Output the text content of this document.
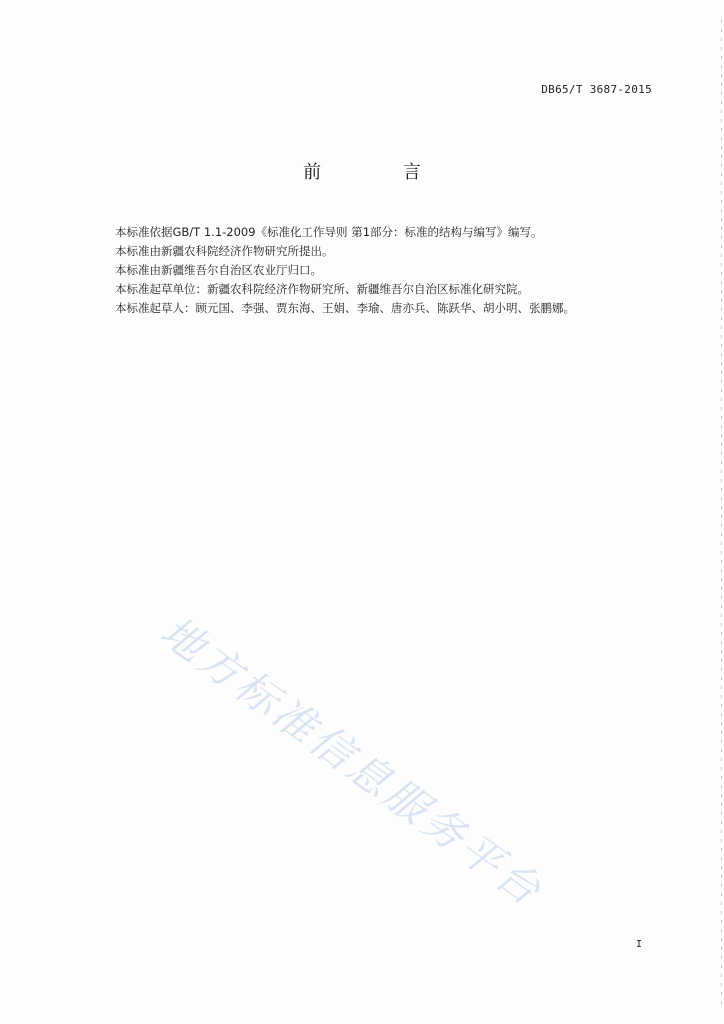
DB65/T 3687-2015
前 言

本标准依据GB/T 1.1-2009《标准化工作导则 第1部分：标准的结构与编写》编写。

本标准由新疆农科院经济作物研究所提出。

本标准由新疆维吾尔自治区农业厅归口。

本标准起草单位：新疆农科院经济作物研究所、新疆维吾尔自治区标准化研究院。

本标准起草人：顾元国、李强、贾东海、王娟、李瑜、唐亦兵、陈跃华、胡小明、张鹏娜。

地方标准信息服务平台
I
